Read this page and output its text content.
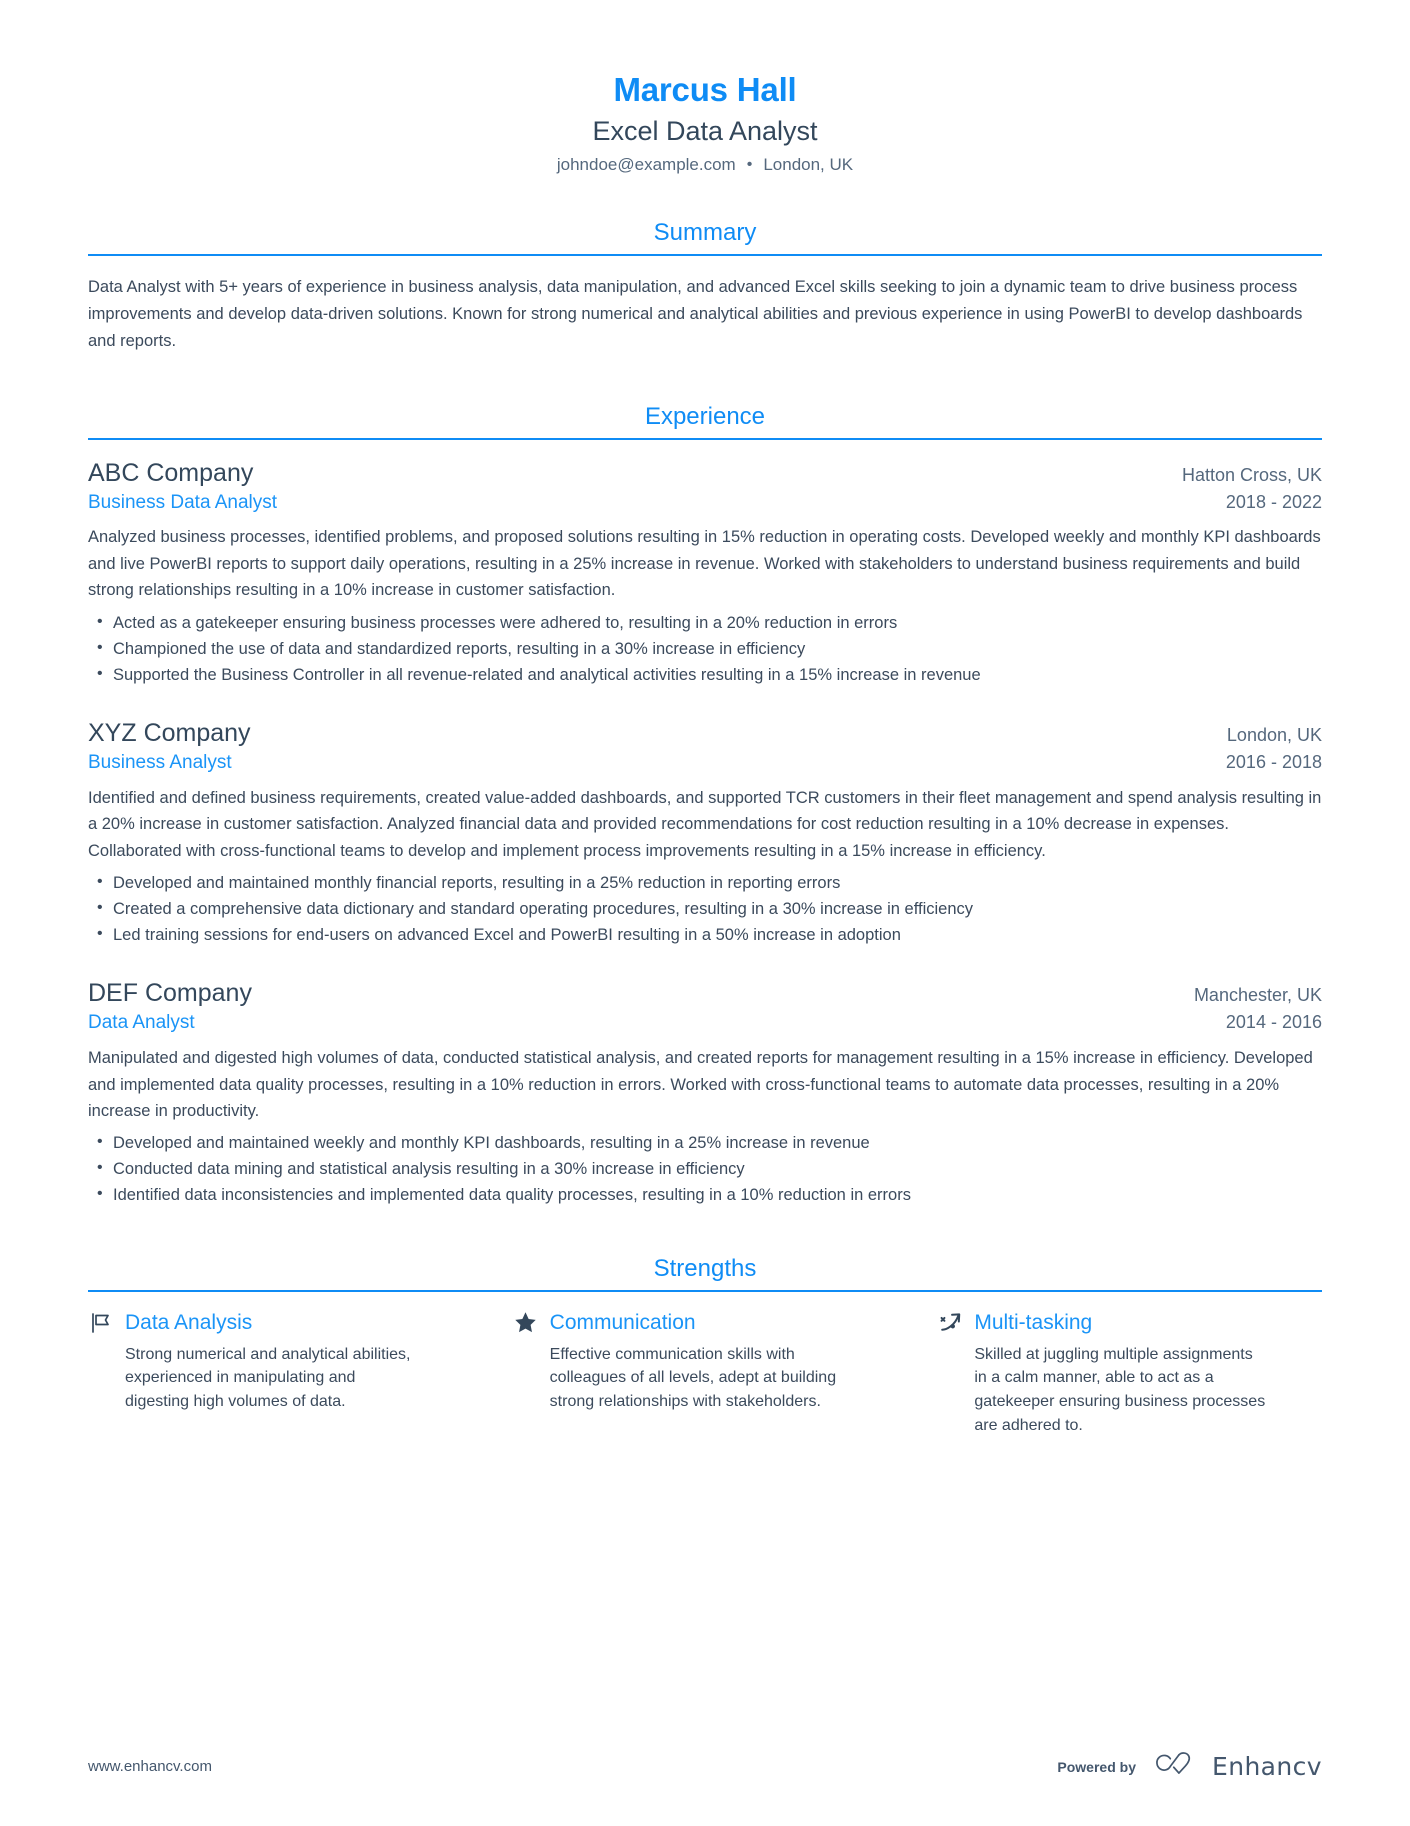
Marcus Hall
Excel Data Analyst
johndoe@example.com • London, UK
Summary

Data Analyst with 5+ years of experience in business analysis, data manipulation, and advanced Excel skills seeking to join a dynamic team to drive business process improvements and develop data-driven solutions. Known for strong numerical and analytical abilities and previous experience in using PowerBI to develop dashboards and reports.

Experience
ABC Company	Hatton Cross, UK
Business Data Analyst	2018 - 2022

Analyzed business processes, identified problems, and proposed solutions resulting in 15% reduction in operating costs. Developed weekly and monthly KPI dashboards and live PowerBI reports to support daily operations, resulting in a 25% increase in revenue. Worked with stakeholders to understand business requirements and build strong relationships resulting in a 10% increase in customer satisfaction.

• Acted as a gatekeeper ensuring business processes were adhered to, resulting in a 20% reduction in errors
• Championed the use of data and standardized reports, resulting in a 30% increase in efficiency
• Supported the Business Controller in all revenue-related and analytical activities resulting in a 15% increase in revenue
XYZ Company	London, UK
Business Analyst	2016 - 2018

Identified and defined business requirements, created value-added dashboards, and supported TCR customers in their fleet management and spend analysis resulting in a 20% increase in customer satisfaction. Analyzed financial data and provided recommendations for cost reduction resulting in a 10% decrease in expenses. Collaborated with cross-functional teams to develop and implement process improvements resulting in a 15% increase in efficiency.

• Developed and maintained monthly financial reports, resulting in a 25% reduction in reporting errors
• Created a comprehensive data dictionary and standard operating procedures, resulting in a 30% increase in efficiency
• Led training sessions for end-users on advanced Excel and PowerBI resulting in a 50% increase in adoption
DEF Company	Manchester, UK
Data Analyst	2014 - 2016

Manipulated and digested high volumes of data, conducted statistical analysis, and created reports for management resulting in a 15% increase in efficiency. Developed and implemented data quality processes, resulting in a 10% reduction in errors. Worked with cross-functional teams to automate data processes, resulting in a 20% increase in productivity.

• Developed and maintained weekly and monthly KPI dashboards, resulting in a 25% increase in revenue
• Conducted data mining and statistical analysis resulting in a 30% increase in efficiency
• Identified data inconsistencies and implemented data quality processes, resulting in a 10% reduction in errors
Strengths
Data Analysis
Strong numerical and analytical abilities, experienced in manipulating and digesting high volumes of data.
Communication
Effective communication skills with colleagues of all levels, adept at building strong relationships with stakeholders.
Multi-tasking
Skilled at juggling multiple assignments in a calm manner, able to act as a gatekeeper ensuring business processes are adhered to.
www.enhancv.com	Powered by	Enhancv
